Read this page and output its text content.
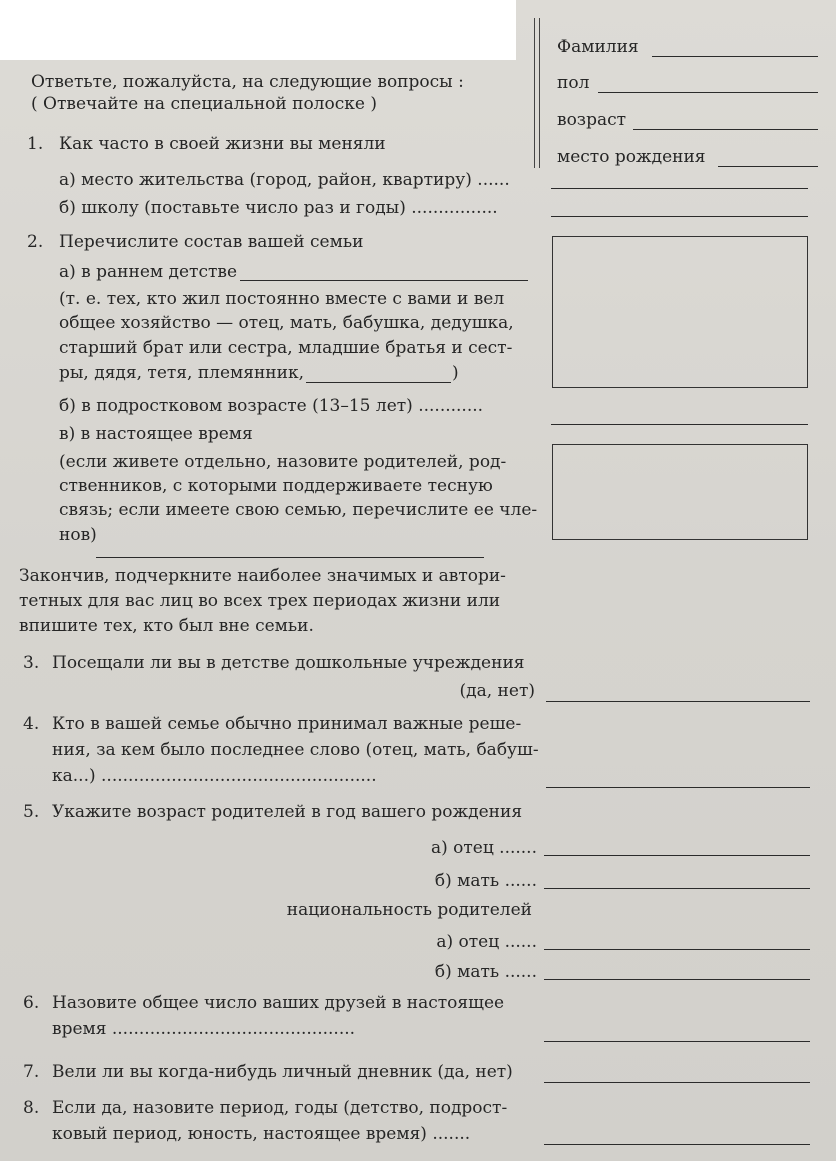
Фамилия
пол
возраст
место рождения
Ответьте, пожалуйста, на следующие вопросы :
( Отвечайте на специальной полоске )
1. Как часто в своей жизни вы меняли
а) место жительства (город, район, квартиру) ......
б) школу (поставьте число раз и годы) ................
2. Перечислите состав вашей семьи
а) в раннем детстве
(т. е. тех, кто жил постоянно вместе с вами и вел
общее хозяйство — отец, мать, бабушка, дедушка,
старший брат или сестра, младшие братья и сест-
ры, дядя, тетя, племянник,	)
б) в подростковом возрасте (13–15 лет) ............
в) в настоящее время
(если живете отдельно, назовите родителей, род-
ственников, с которыми поддерживаете тесную
связь; если имеете свою семью, перечислите ее чле-
нов)
Закончив, подчеркните наиболее значимых и автори-
тетных для вас лиц во всех трех периодах жизни или
впишите тех, кто был вне семьи.
3. Посещали ли вы в детстве дошкольные учреждения
(да, нет)
4. Кто в вашей семье обычно принимал важные реше-
ния, за кем было последнее слово (отец, мать, бабуш-
ка...) ...................................................
5. Укажите возраст родителей в год вашего рождения
а) отец .......
б) мать ......
национальность родителей
а) отец ......
б) мать ......
6. Назовите общее число ваших друзей в настоящее
время .............................................
7. Вели ли вы когда-нибудь личный дневник (да, нет)
8. Если да, назовите период, годы (детство, подрост-
ковый период, юность, настоящее время) .......
